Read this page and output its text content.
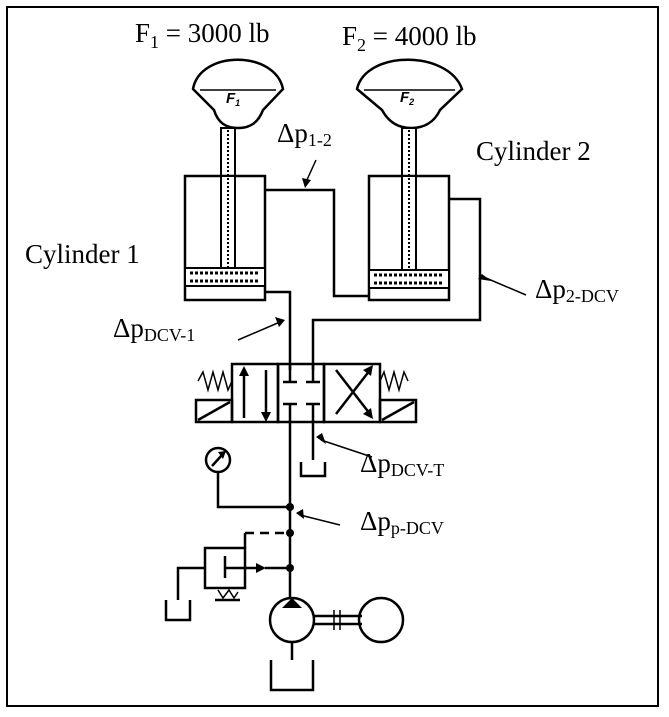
$F_1 = 3000$ lb	$F_2 = 4000$ lb
$F_1$	$F_2$
Cylinder 1
Cylinder 2
Δp1-2
Δp2-DCV
ΔpDCV-1
ΔpDCV-T
Δpp-DCV
